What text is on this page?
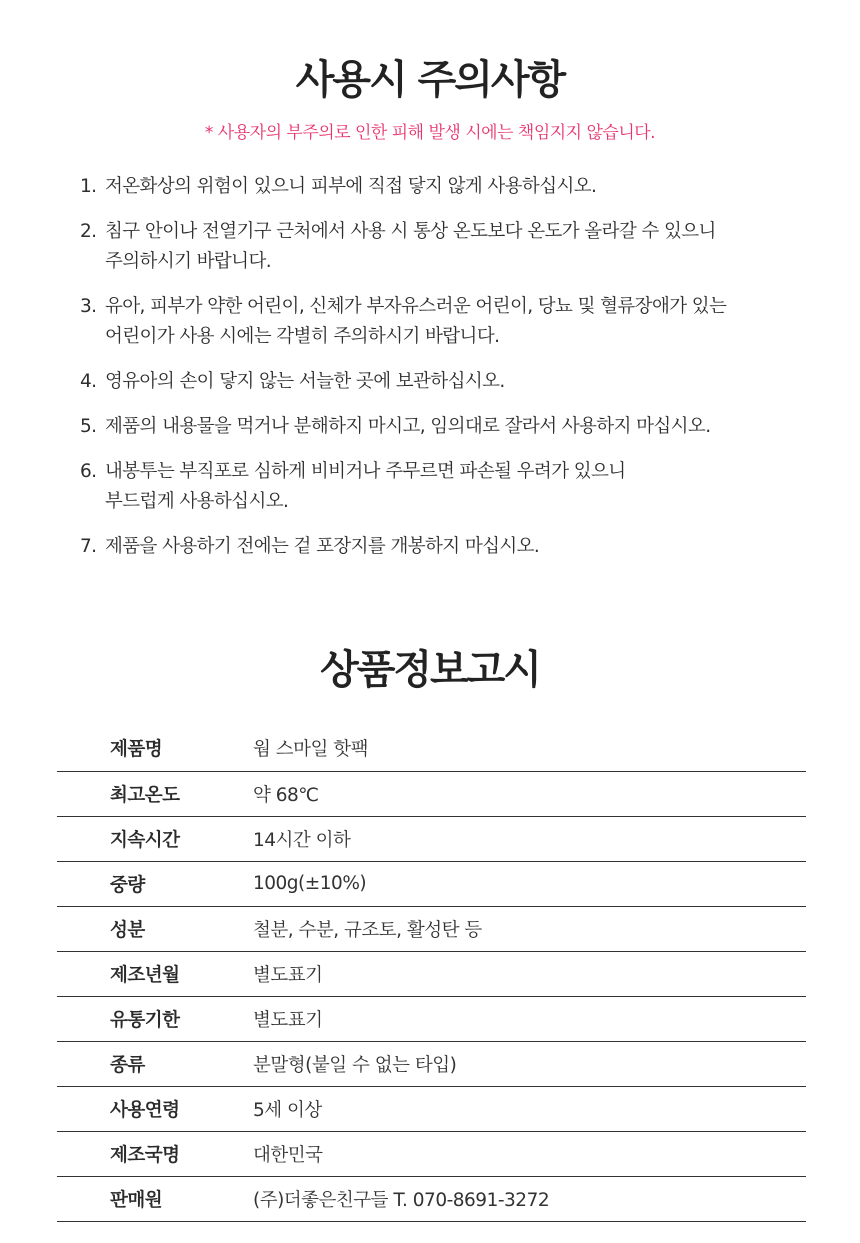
사용시 주의사항
* 사용자의 부주의로 인한 피해 발생 시에는 책임지지 않습니다.
1. 저온화상의 위험이 있으니 피부에 직접 닿지 않게 사용하십시오.
2. 침구 안이나 전열기구 근처에서 사용 시 통상 온도보다 온도가 올라갈 수 있으니
주의하시기 바랍니다.
3. 유아, 피부가 약한 어린이, 신체가 부자유스러운 어린이, 당뇨 및 혈류장애가 있는
어린이가 사용 시에는 각별히 주의하시기 바랍니다.
4. 영유아의 손이 닿지 않는 서늘한 곳에 보관하십시오.
5. 제품의 내용물을 먹거나 분해하지 마시고, 임의대로 잘라서 사용하지 마십시오.
6. 내봉투는 부직포로 심하게 비비거나 주무르면 파손될 우려가 있으니
부드럽게 사용하십시오.
7. 제품을 사용하기 전에는 겉 포장지를 개봉하지 마십시오.
상품정보고시
제품명	웜 스마일 핫팩
최고온도	약 68℃
지속시간	14시간 이하
중량	100g(±10%)
성분	철분, 수분, 규조토, 활성탄 등
제조년월	별도표기
유통기한	별도표기
종류	분말형(붙일 수 없는 타입)
사용연령	5세 이상
제조국명	대한민국
판매원	(주)더좋은친구들 T. 070-8691-3272
